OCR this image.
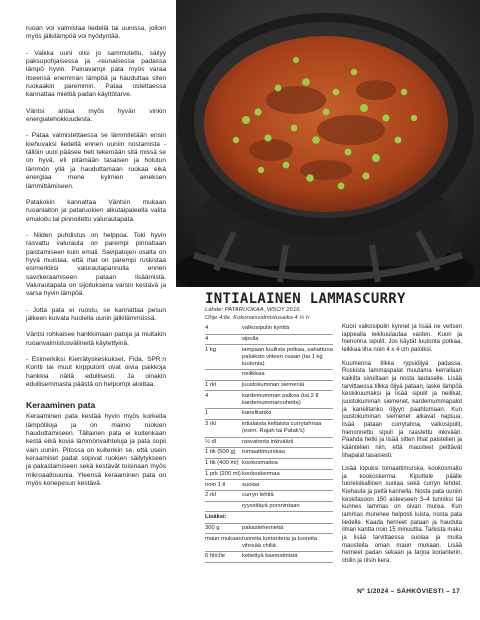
ruoan voi valmistaa liedellä tai uunissa, jolloin myös jälkilämpöä voi hyödyntää.

- Vaikka uuni olisi jo sammutettu, säilyy paksupohjaisessa ja -reunaisessa padassa lämpö hyvin. Painavampi pata myös varaa itseensä enemmän lämpöä ja hauduttaa siten ruokaakin paremmin. Pataa ostettaessa kannattaa miettiä padan käyttötarve.

Väntsi antaa myös hyvän vinkin energiatehokkuudesta.

- Pataa valmistettaessa se lämmitetään ensin kiehuvaksi liedellä ennen uuniin nostamista - tällöin uuni pääsee heti tekemään sitä missä se on hyvä, eli pitämään tasaisen ja holutun lämmön yllä ja hauduttamaan ruokaa eikä energiaa mene kylmien aineksen lämmittämiseen.

Patakokin kannattaa Väntsin mukaan ruoanlaiton ja pataruokien alkutaipaleella valita emaloitu tai pinnoitettu valurautapata.

- Niiden puhdistus on helppoa. Toki hyvin rasvattu valurauta on parempi pinnaltaan paistamiseen kuin emali. Savipatojen osalta on hyvä muistaa, että ihat on parempi ruskistaa esimerkiksi valurautapannulla ennen savi/keraamiseen pataan lisäämistä. Valurautapata on sijoituksena varsin kestävä ja varsa hyvin lämpöä.

- Jotta pata ei ruostu, se kannattaa pesun jälkeen kuivata huolella uunin jälkilämmössä.

Väntsi rohkaisee hankkimaan patoja ja muitakin ruoanvalmistusvälineitä käytettyinä.

- Esimerkiksi Kierrätyskeskukset, Fida, SPR:n Kontti tai muut kirpputorit ovat oivia paikkoja hankkia näitä edullisesti. Ja oinakin edullisemmasta päästä on helpompi aloittaa.

Keraaminen pata

Keraaminen pata kestää hyvin myös korkeita lämpötiloja ja on mainio ruokien hauduttamiseen. Tällainen pata ei kuitenkaan kestä eikä kovia lämmönvaihteluja ja pata sopii vain uuniin. Pitossa on kuitenkin se, että usein keraamiset padat sopivat ruokien säilytykseen ja pakastamiseen sekä kestävät toisinaan myös mikroaaltouunia. Yleensä keraaminen pata on myös konepesun kestävä.

INTIALAINEN LAMMASCURRY
Lähde: PATARUOKAA, WSOY 2016.
Ohje 4:lle. Kokonaisvalmistusaika 4 ½ h
4	valkosipulin kynttä
4	sipulia
1 kg	lampaan luullista potkaa, sahattuna paloiksin viiteen osaan (tai 1 kg luutonta)
neilikkaa
1 rkl	juustokuminan siemeniä
4	kardemumman palkoa (tai 2 tl kardemummarouhetta)
1	kanelitanko
3 rkl	intialaista keltaista currytahnaa (esim. Rajah tai Patak's)
½ dl	rasvatonta inkiväärii
1 tlk (500 g)	tomaattimurskaa
1 tlk (400 ml) kookosmaitoa
1 prk (200 ml) kookoskermaa
noin 1 tl	suolaa
2 rkl	curryn lehtiä
ryyssitäyä porsnintaan
Lisäksi:
300 g	pakasteherneitä
maun mukaan tuoreita korianteria ja tuoreita vihreää chiliä
6 hlö:lle	keitettyä basmatiriisiä

Kuori valkosipulin kynnet ja lisää ne veitsen lappealla leikkuulautaa vasten. Kuori ja hienonna sipulit. Jos käytät luutonta potkaa, leikkaa liha noin 4 x 4 cm paloiksi.

Kuumenna tilkka rypsiöljyä padassa. Ruskista lammaspalat muutama kerrallaan kaikilta sivuiltaan ja nosta lautaselle. Lisää tarvittaessa tilkka öljyä pataan, laske lämpöä keskikuumaksi ja lisää sipulit ja neilikat, juustokuminan siemenet, kardemummapalot ja kanelitanko öljyyn paahtumaan. Kun juustokuminan siemenet alkavat napsua, lisää pataan currytahna, valkosipulit, hienonnettu sipuli ja raastettu inkivääri. Paahda hetki ja lisää sitten lihat paistelien ja kääntelien niin, että mausteet peittävät lihapalat tasaisesti.

Lisää lopuksi tomaattimurska, kookosmaito ja kookoskerma. Kiputtele päälle tuoreisikallinen suolaa sekä curryn lehdet. Kiehauta ja peitä kannella. Nosta pata uuniin keskitasoon 150 asteeseen 3–4 tunniksi tai kunnes lammas on oivan murea. Kun lammas murenee helposti luista, nosta pata liedelle. Kaada herneet pataan ja hauduta ilman kantta noin 15 minuuttia. Tarkista maku ja lisää tarvittaessa suolaa ja muita mausteita oman maun mukaan. Lisää herneet padan sekaan ja tarjoa korianterin, chilin ja riisin kera.

Nº 1/2024 – SÄHKÖVIESTI – 17
